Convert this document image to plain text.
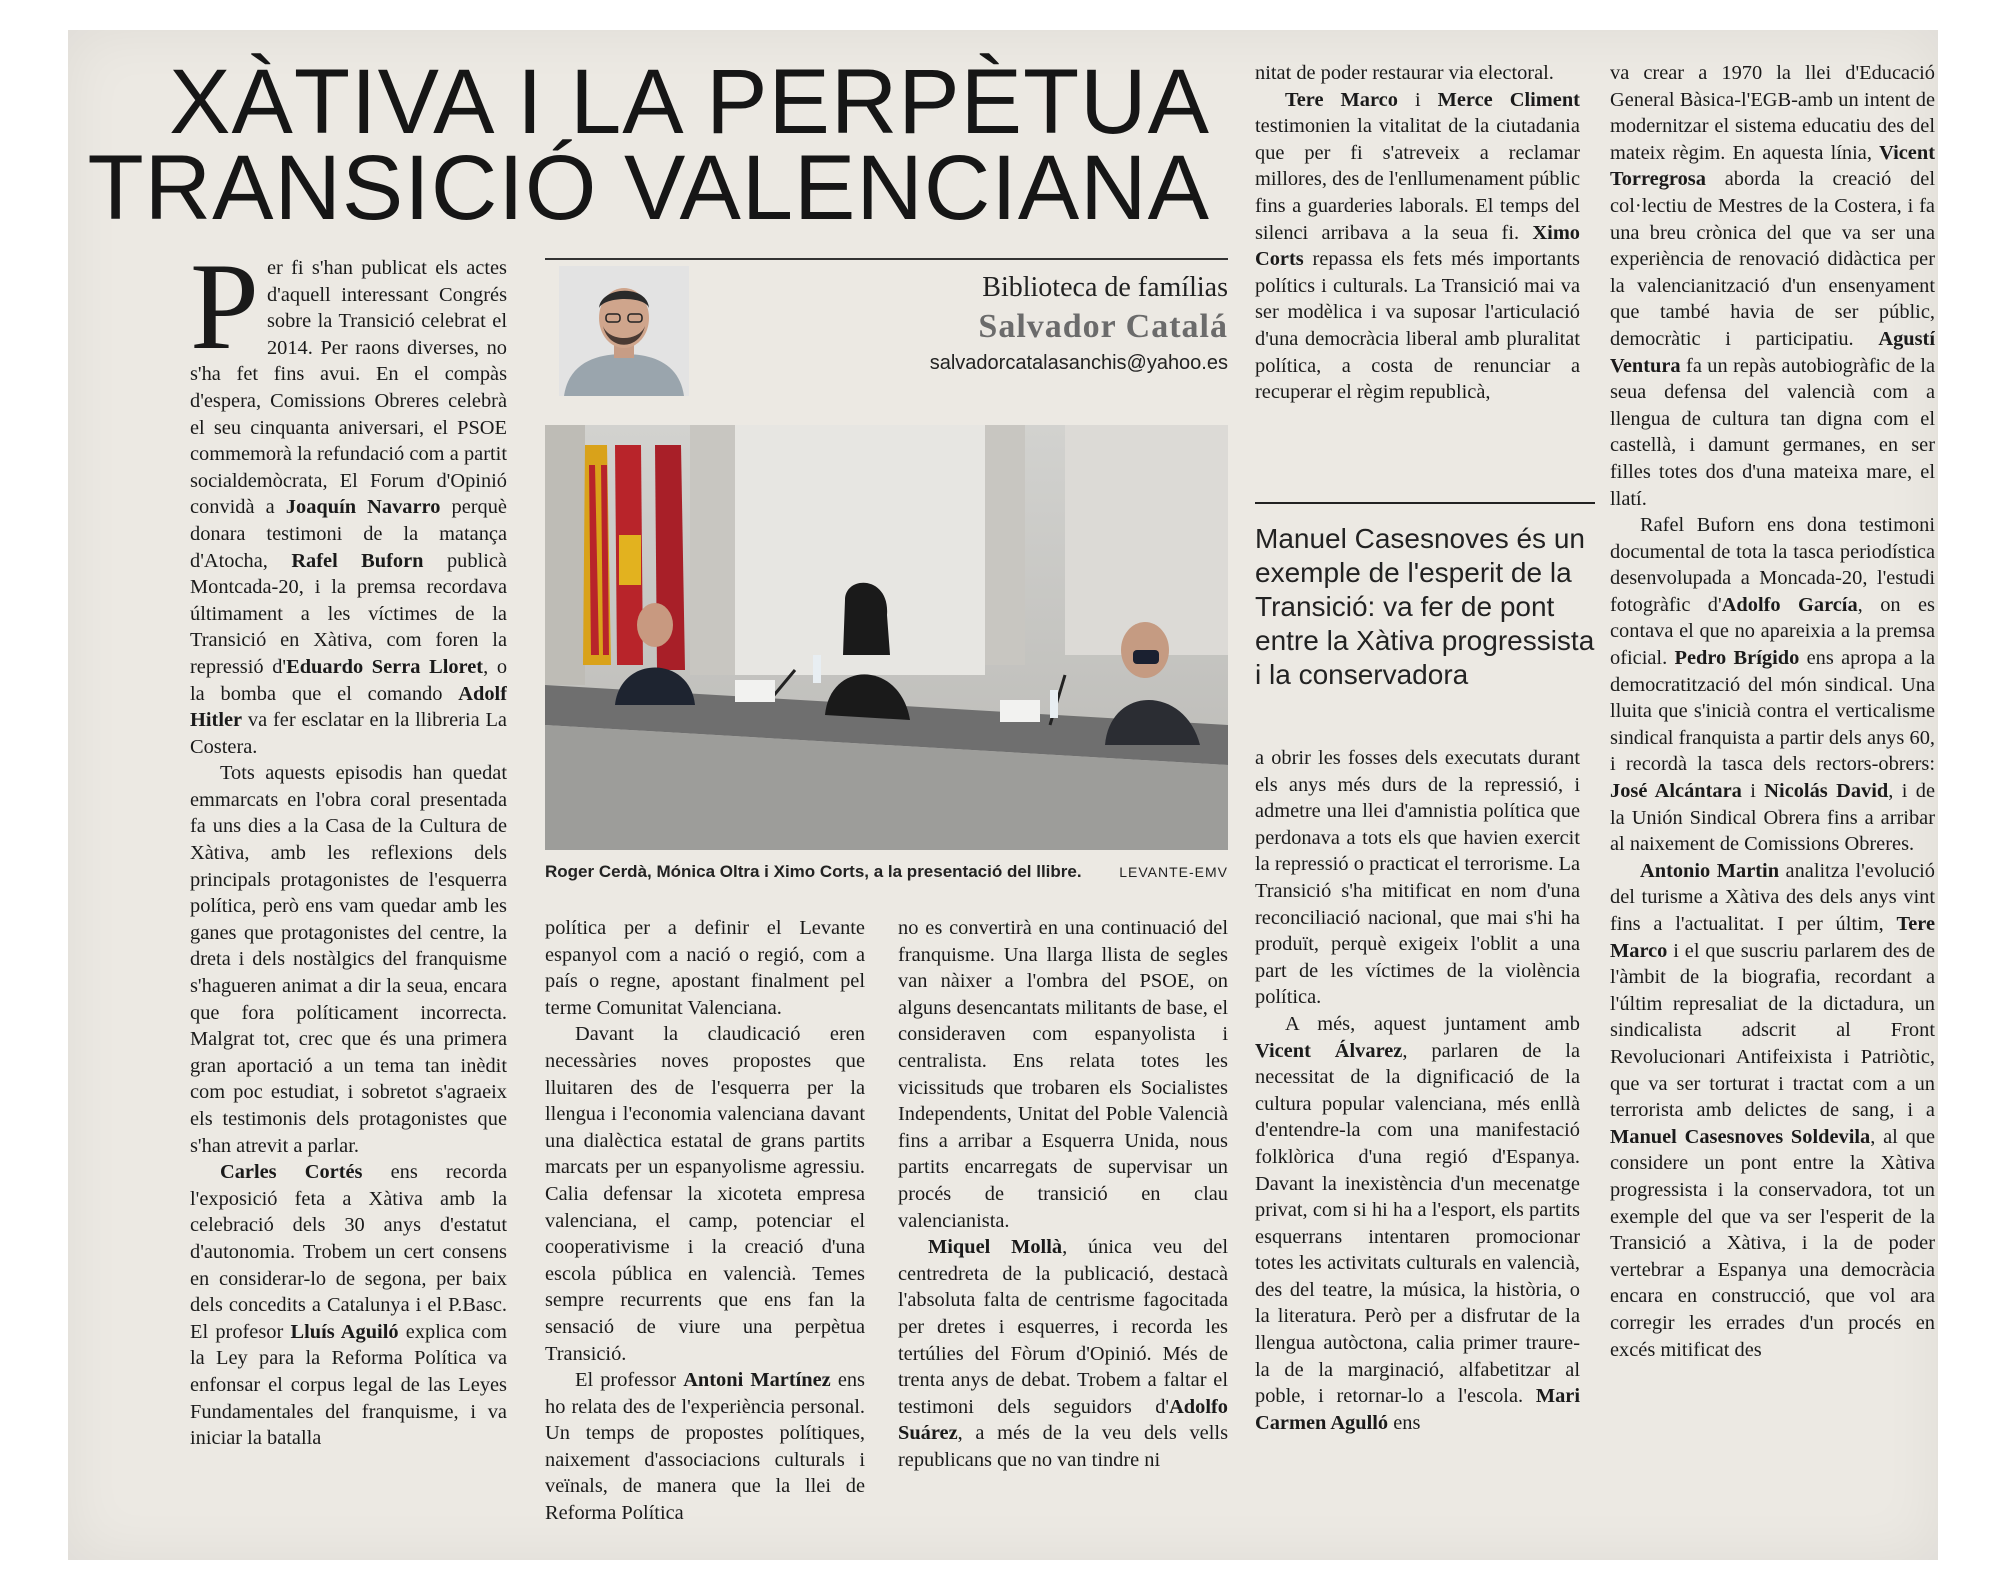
XÀTIVA I LA PERPÈTUA
TRANSICIÓ VALENCIANA

Per fi s'han publicat els actes d'aquell interessant Congrés sobre la Transició celebrat el 2014. Per raons diverses, no s'ha fet fins avui. En el compàs d'espera, Comissions Obreres celebrà el seu cinquanta aniversari, el PSOE commemorà la refundació com a partit socialdemòcrata, El Forum d'Opinió convidà a Joaquín Navarro perquè donara testimoni de la matança d'Atocha, Rafel Buforn publicà Montcada-20, i la premsa recordava últimament a les víctimes de la Transició en Xàtiva, com foren la repressió d'Eduardo Serra Lloret, o la bomba que el comando Adolf Hitler va fer esclatar en la llibreria La Costera.

Tots aquests episodis han quedat emmarcats en l'obra coral presentada fa uns dies a la Casa de la Cultura de Xàtiva, amb les reflexions dels principals protagonistes de l'esquerra política, però ens vam quedar amb les ganes que protagonistes del centre, la dreta i dels nostàlgics del franquisme s'hagueren animat a dir la seua, encara que fora políticament incorrecta. Malgrat tot, crec que és una primera gran aportació a un tema tan inèdit com poc estudiat, i sobretot s'agraeix els testimonis dels protagonistes que s'han atrevit a parlar.

Carles Cortés ens recorda l'exposició feta a Xàtiva amb la celebració dels 30 anys d'estatut d'autonomia. Trobem un cert consens en considerar-lo de segona, per baix dels concedits a Catalunya i el P.Basc. El profesor Lluís Aguiló explica com la Ley para la Reforma Política va enfonsar el corpus legal de las Leyes Fundamentales del franquisme, i va iniciar la batalla

Biblioteca de famílias
Salvador Catalá
salvadorcatalasanchis@yahoo.es
Roger Cerdà, Mónica Oltra i Ximo Corts, a la presentació del llibre.	LEVANTE-EMV

política per a definir el Levante espanyol com a nació o regió, com a país o regne, apostant finalment pel terme Comunitat Valenciana.

Davant la claudicació eren necessàries noves propostes que lluitaren des de l'esquerra per la llengua i l'economia valenciana davant una dialèctica estatal de grans partits marcats per un espanyolisme agressiu. Calia defensar la xicoteta empresa valenciana, el camp, potenciar el cooperativisme i la creació d'una escola pública en valencià. Temes sempre recurrents que ens fan la sensació de viure una perpètua Transició.

El professor Antoni Martínez ens ho relata des de l'experiència personal. Un temps de propostes polítiques, naixement d'associacions culturals i veïnals, de manera que la llei de Reforma Política

no es convertirà en una continuació del franquisme. Una llarga llista de segles van nàixer a l'ombra del PSOE, on alguns desencantats militants de base, el consideraven com espanyolista i centralista. Ens relata totes les vicissituds que trobaren els Socialistes Independents, Unitat del Poble Valencià fins a arribar a Esquerra Unida, nous partits encarregats de supervisar un procés de transició en clau valencianista.

Miquel Mollà, única veu del centredreta de la publicació, destacà l'absoluta falta de centrisme fagocitada per dretes i esquerres, i recorda les tertúlies del Fòrum d'Opinió. Més de trenta anys de debat. Trobem a faltar el testimoni dels seguidors d'Adolfo Suárez, a més de la veu dels vells republicans que no van tindre ni

nitat de poder restaurar via electoral.

Tere Marco i Merce Climent testimonien la vitalitat de la ciutadania que per fi s'atreveix a reclamar millores, des de l'enllumenament públic fins a guarderies laborals. El temps del silenci arribava a la seua fi. Ximo Corts repassa els fets més importants polítics i culturals. La Transició mai va ser modèlica i va suposar l'articulació d'una democràcia liberal amb pluralitat política, a costa de renunciar a recuperar el règim republicà,

Manuel Casesnoves és un exemple de l'esperit de la Transició: va fer de pont entre la Xàtiva progressista i la conservadora

a obrir les fosses dels executats durant els anys més durs de la repressió, i admetre una llei d'amnistia política que perdonava a tots els que havien exercit la repressió o practicat el terrorisme. La Transició s'ha mitificat en nom d'una reconciliació nacional, que mai s'hi ha produït, perquè exigeix l'oblit a una part de les víctimes de la violència política.

A més, aquest juntament amb Vicent Álvarez, parlaren de la necessitat de la dignificació de la cultura popular valenciana, més enllà d'entendre-la com una manifestació folklòrica d'una regió d'Espanya. Davant la inexistència d'un mecenatge privat, com si hi ha a l'esport, els partits esquerrans intentaren promocionar totes les activitats culturals en valencià, des del teatre, la música, la història, o la literatura. Però per a disfrutar de la llengua autòctona, calia primer traure-la de la marginació, alfabetitzar al poble, i retornar-lo a l'escola. Mari Carmen Agulló ens

va crear a 1970 la llei d'Educació General Bàsica-l'EGB-amb un intent de modernitzar el sistema educatiu des del mateix règim. En aquesta línia, Vicent Torregrosa aborda la creació del col·lectiu de Mestres de la Costera, i fa una breu crònica del que va ser una experiència de renovació didàctica per la valencianització d'un ensenyament que també havia de ser públic, democràtic i participatiu. Agustí Ventura fa un repàs autobiogràfic de la seua defensa del valencià com a llengua de cultura tan digna com el castellà, i damunt germanes, en ser filles totes dos d'una mateixa mare, el llatí.

Rafel Buforn ens dona testimoni documental de tota la tasca periodística desenvolupada a Moncada-20, l'estudi fotogràfic d'Adolfo García, on es contava el que no apareixia a la premsa oficial. Pedro Brígido ens apropa a la democratització del món sindical. Una lluita que s'inicià contra el verticalisme sindical franquista a partir dels anys 60, i recordà la tasca dels rectors-obrers: José Alcántara i Nicolás David, i de la Unión Sindical Obrera fins a arribar al naixement de Comissions Obreres.

Antonio Martin analitza l'evolució del turisme a Xàtiva des dels anys vint fins a l'actualitat. I per últim, Tere Marco i el que suscriu parlarem des de l'àmbit de la biografia, recordant a l'últim represaliat de la dictadura, un sindicalista adscrit al Front Revolucionari Antifeixista i Patriòtic, que va ser torturat i tractat com a un terrorista amb delictes de sang, i a Manuel Casesnoves Soldevila, al que considere un pont entre la Xàtiva progressista i la conservadora, tot un exemple del que va ser l'esperit de la Transició a Xàtiva, i la de poder vertebrar a Espanya una democràcia encara en construcció, que vol ara corregir les errades d'un procés en excés mitificat des
